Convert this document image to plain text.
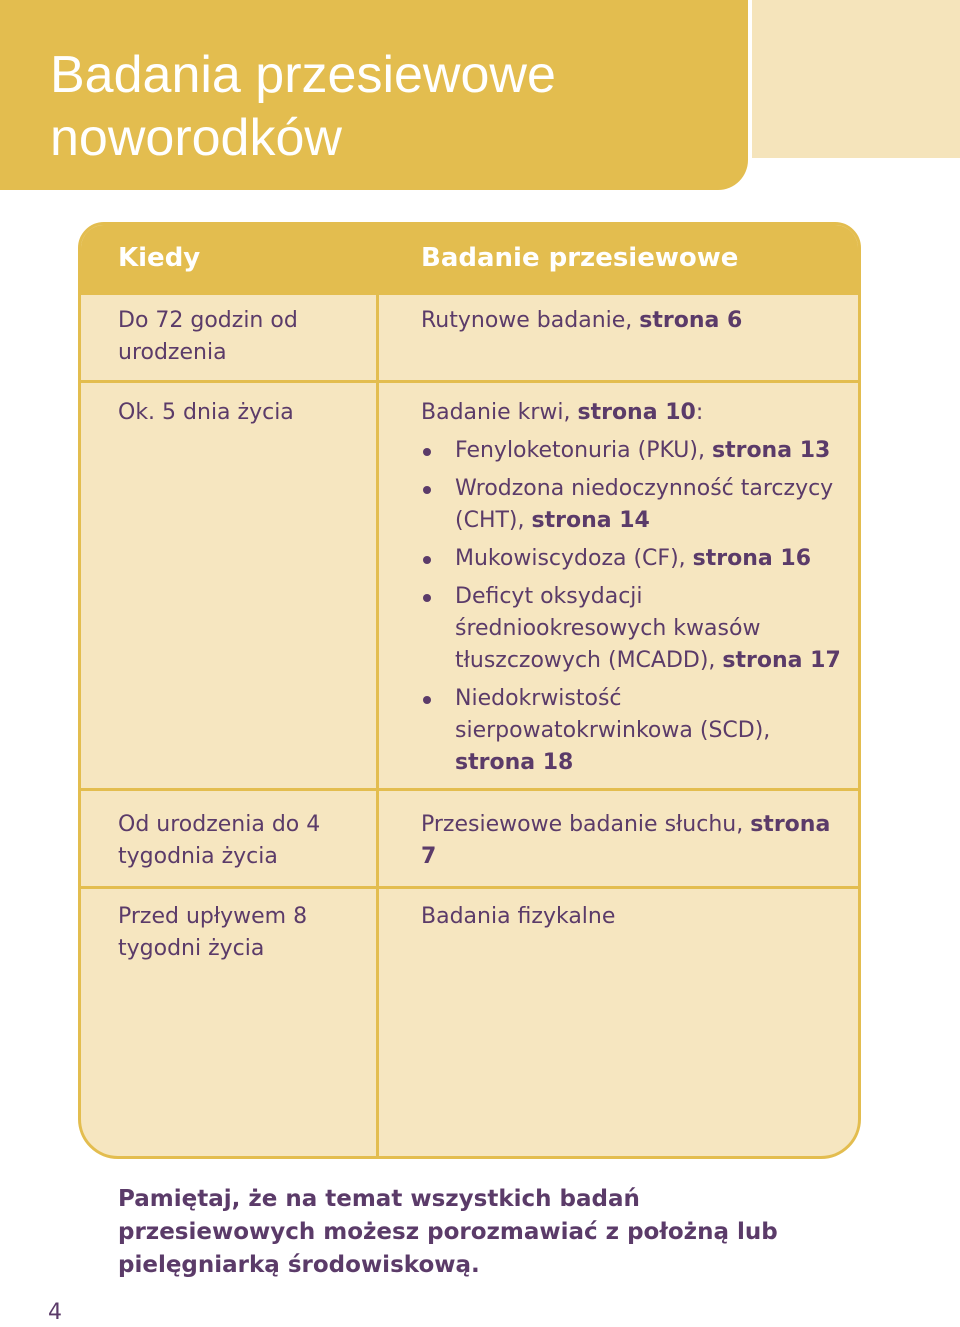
Badania przesiewowe noworodków
Kiedy	Badanie przesiewowe
Do 72 godzin od urodzenia
Rutynowe badanie, strona 6
Ok. 5 dnia życia	Badanie krwi, strona 10:
Fenyloketonuria (PKU), strona 13
Wrodzona niedoczynność tarczycy (CHT), strona 14
Mukowiscydoza (CF), strona 16
Deficyt oksydacji średniookresowych kwasów tłuszczowych (MCADD), strona 17
Niedokrwistość sierpowatokrwinkowa (SCD), strona 18
Od urodzenia do 4 tygodnia życia
Przesiewowe badanie słuchu, strona 7
Przed upływem 8 tygodni życia
Badania fizykalne

Pamiętaj, że na temat wszystkich badań przesiewowych możesz porozmawiać z położną lub pielęgniarką środowiskową.

4
